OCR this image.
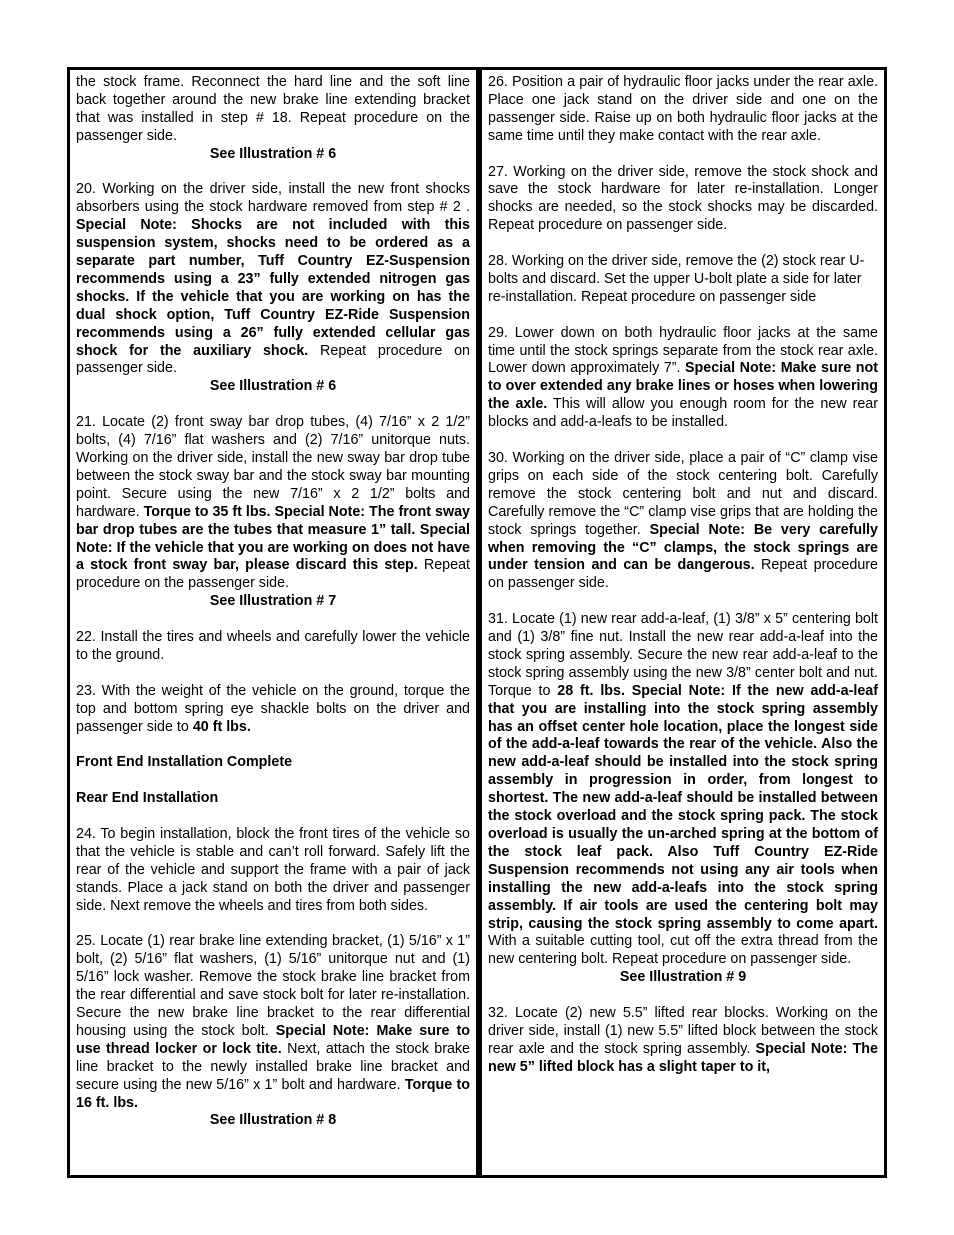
the stock frame. Reconnect the hard line and the soft line back together around the new brake line extending bracket that was installed in step # 18. Repeat procedure on the passenger side.

See Illustration # 6

20. Working on the driver side, install the new front shocks absorbers using the stock hardware removed from step # 2 . Special Note: Shocks are not included with this suspension system, shocks need to be ordered as a separate part number, Tuff Country EZ-Suspension recommends using a 23” fully extended nitrogen gas shocks. If the vehicle that you are working on has the dual shock option, Tuff Country EZ-Ride Suspension recommends using a 26” fully extended cellular gas shock for the auxiliary shock. Repeat procedure on passenger side.

See Illustration # 6

21. Locate (2) front sway bar drop tubes, (4) 7/16” x 2 1/2” bolts, (4) 7/16” flat washers and (2) 7/16” unitorque nuts. Working on the driver side, install the new sway bar drop tube between the stock sway bar and the stock sway bar mounting point. Secure using the new 7/16” x 2 1/2” bolts and hardware. Torque to 35 ft lbs. Special Note: The front sway bar drop tubes are the tubes that measure 1” tall. Special Note: If the vehicle that you are working on does not have a stock front sway bar, please discard this step. Repeat procedure on the passenger side.

See Illustration # 7

22. Install the tires and wheels and carefully lower the vehicle to the ground.

23. With the weight of the vehicle on the ground, torque the top and bottom spring eye shackle bolts on the driver and passenger side to 40 ft lbs.

Front End Installation Complete
Rear End Installation

24. To begin installation, block the front tires of the vehicle so that the vehicle is stable and can’t roll forward. Safely lift the rear of the vehicle and support the frame with a pair of jack stands. Place a jack stand on both the driver and passenger side. Next remove the wheels and tires from both sides.

25. Locate (1) rear brake line extending bracket, (1) 5/16” x 1” bolt, (2) 5/16” flat washers, (1) 5/16” unitorque nut and (1) 5/16” lock washer. Remove the stock brake line bracket from the rear differential and save stock bolt for later re-installation. Secure the new brake line bracket to the rear differential housing using the stock bolt. Special Note: Make sure to use thread locker or lock tite. Next, attach the stock brake line bracket to the newly installed brake line bracket and secure using the new 5/16” x 1” bolt and hardware. Torque to 16 ft. lbs.

See Illustration # 8

26. Position a pair of hydraulic floor jacks under the rear axle. Place one jack stand on the driver side and one on the passenger side. Raise up on both hydraulic floor jacks at the same time until they make contact with the rear axle.

27. Working on the driver side, remove the stock shock and save the stock hardware for later re-installation. Longer shocks are needed, so the stock shocks may be discarded. Repeat procedure on passenger side.

28. Working on the driver side, remove the (2) stock rear U-bolts and discard. Set the upper U-bolt plate a side for later re-installation. Repeat procedure on passenger side

29. Lower down on both hydraulic floor jacks at the same time until the stock springs separate from the stock rear axle. Lower down approximately 7”. Special Note: Make sure not to over extended any brake lines or hoses when lowering the axle. This will allow you enough room for the new rear blocks and add-a-leafs to be installed.

30. Working on the driver side, place a pair of “C” clamp vise grips on each side of the stock centering bolt. Carefully remove the stock centering bolt and nut and discard. Carefully remove the “C” clamp vise grips that are holding the stock springs together. Special Note: Be very carefully when removing the “C” clamps, the stock springs are under tension and can be dangerous. Repeat procedure on passenger side.

31. Locate (1) new rear add-a-leaf, (1) 3/8” x 5” centering bolt and (1) 3/8” fine nut. Install the new rear add-a-leaf into the stock spring assembly. Secure the new rear add-a-leaf to the stock spring assembly using the new 3/8” center bolt and nut. Torque to 28 ft. lbs. Special Note: If the new add-a-leaf that you are installing into the stock spring assembly has an offset center hole location, place the longest side of the add-a-leaf towards the rear of the vehicle. Also the new add-a-leaf should be installed into the stock spring assembly in progression in order, from longest to shortest. The new add-a-leaf should be installed between the stock overload and the stock spring pack. The stock overload is usually the un-arched spring at the bottom of the stock leaf pack. Also Tuff Country EZ-Ride Suspension recommends not using any air tools when installing the new add-a-leafs into the stock spring assembly. If air tools are used the centering bolt may strip, causing the stock spring assembly to come apart. With a suitable cutting tool, cut off the extra thread from the new centering bolt. Repeat procedure on passenger side.

See Illustration # 9

32. Locate (2) new 5.5” lifted rear blocks. Working on the driver side, install (1) new 5.5” lifted block between the stock rear axle and the stock spring assembly. Special Note: The new 5” lifted block has a slight taper to it,
